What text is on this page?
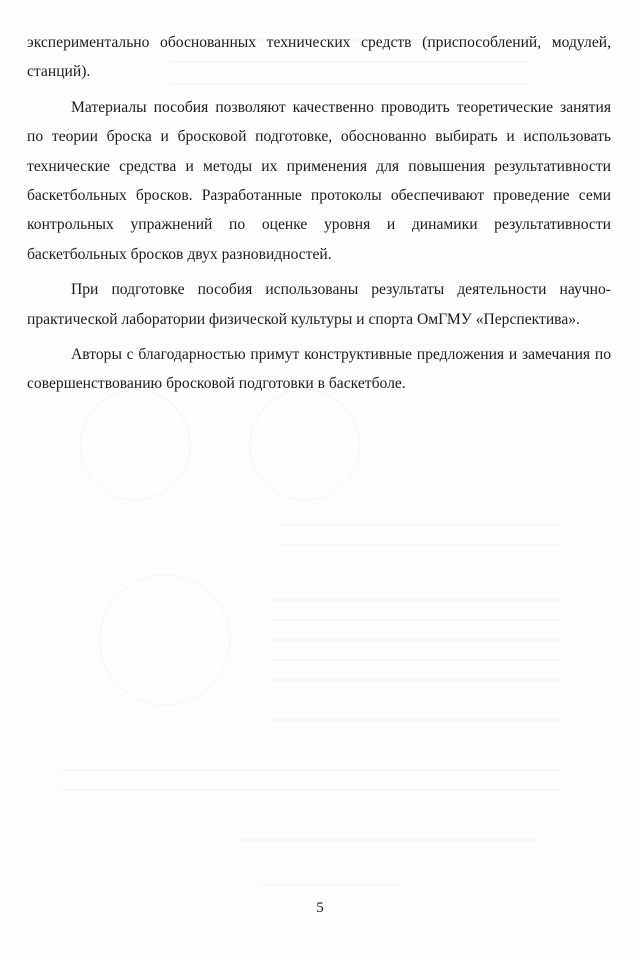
экспериментально обоснованных технических средств (приспособлений, модулей, станций).

Материалы пособия позволяют качественно проводить теоретические занятия по теории броска и бросковой подготовке, обоснованно выбирать и использовать технические средства и методы их применения для повышения результативности баскетбольных бросков. Разработанные протоколы обеспечивают проведение семи контрольных упражнений по оценке уровня и динамики результативности баскетбольных бросков двух разновидностей.

При подготовке пособия использованы результаты деятельности научно-практической лаборатории физической культуры и спорта ОмГМУ «Перспектива».

Авторы с благодарностью примут конструктивные предложения и замечания по совершенствованию бросковой подготовки в баскетболе.

5
